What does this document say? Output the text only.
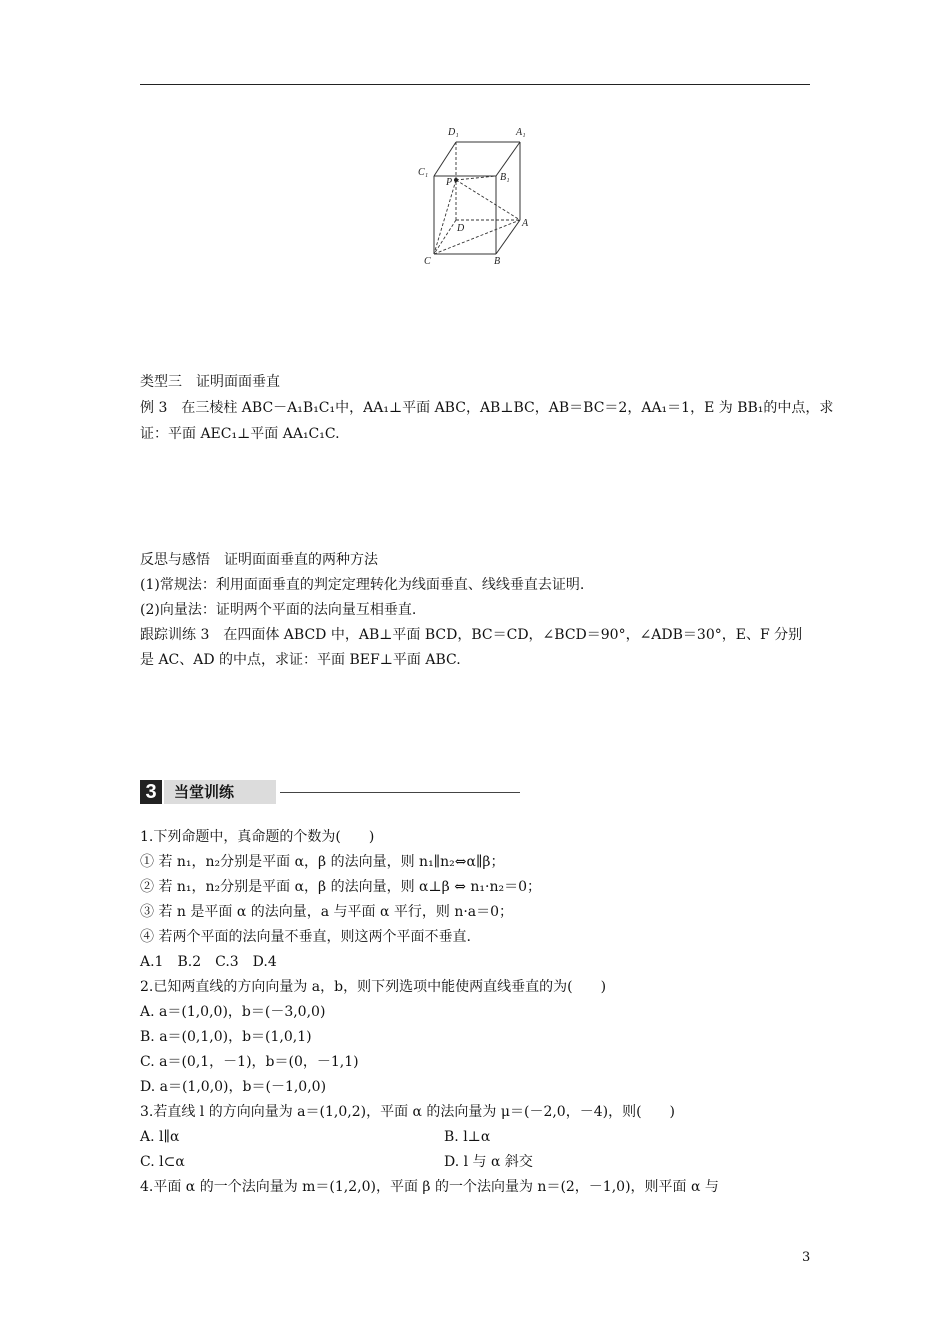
D₁	A₁
C₁	B₁
P
D	A
C	B
类型三　证明面面垂直
例 3　在三棱柱 ABC－A₁B₁C₁中，AA₁⊥平面 ABC，AB⊥BC，AB＝BC＝2，AA₁＝1，E 为 BB₁的中点，求
证：平面 AEC₁⊥平面 AA₁C₁C.
反思与感悟　证明面面垂直的两种方法
(1)常规法：利用面面垂直的判定定理转化为线面垂直、线线垂直去证明.
(2)向量法：证明两个平面的法向量互相垂直.
跟踪训练 3　在四面体 ABCD 中，AB⊥平面 BCD，BC＝CD，∠BCD＝90°，∠ADB＝30°，E、F 分别
是 AC、AD 的中点，求证：平面 BEF⊥平面 ABC.
3	当堂训练
1.下列命题中，真命题的个数为(　　)
① 若 n₁，n₂分别是平面 α，β 的法向量，则 n₁∥n₂⇔α∥β；
② 若 n₁，n₂分别是平面 α，β 的法向量，则 α⊥β ⇔ n₁·n₂＝0；
③ 若 n 是平面 α 的法向量，a 与平面 α 平行，则 n·a＝0；
④ 若两个平面的法向量不垂直，则这两个平面不垂直.
A.1　B.2　C.3　D.4
2.已知两直线的方向向量为 a，b，则下列选项中能使两直线垂直的为(　　)
A. a＝(1,0,0)，b＝(－3,0,0)
B. a＝(0,1,0)，b＝(1,0,1)
C. a＝(0,1，－1)，b＝(0，－1,1)
D. a＝(1,0,0)，b＝(－1,0,0)
3.若直线 l 的方向向量为 a＝(1,0,2)，平面 α 的法向量为 μ＝(－2,0，－4)，则(　　)
A. l∥α	B. l⊥α
C. l⊂α	D. l 与 α 斜交
4.平面 α 的一个法向量为 m＝(1,2,0)，平面 β 的一个法向量为 n＝(2，－1,0)，则平面 α 与
3
